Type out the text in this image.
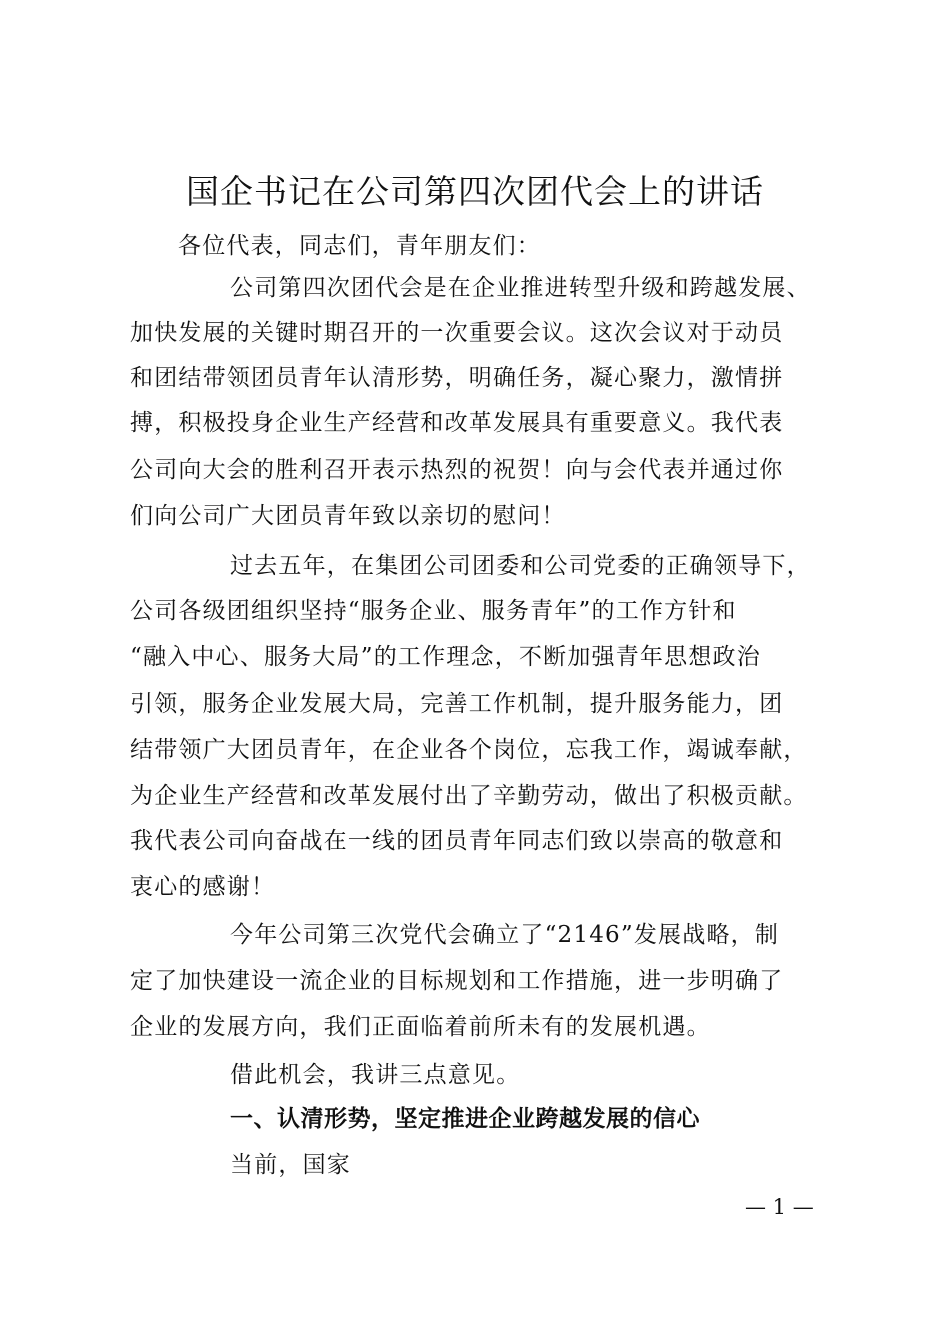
国企书记在公司第四次团代会上的讲话
各位代表，同志们，青年朋友们：
公司第四次团代会是在企业推进转型升级和跨越发展、
加快发展的关键时期召开的一次重要会议。这次会议对于动员
和团结带领团员青年认清形势，明确任务，凝心聚力，激情拼
搏，积极投身企业生产经营和改革发展具有重要意义。我代表
公司向大会的胜利召开表示热烈的祝贺！向与会代表并通过你
们向公司广大团员青年致以亲切的慰问！
过去五年，在集团公司团委和公司党委的正确领导下，
公司各级团组织坚持“服务企业、服务青年”的工作方针和
“融入中心、服务大局”的工作理念，不断加强青年思想政治
引领，服务企业发展大局，完善工作机制，提升服务能力，团
结带领广大团员青年，在企业各个岗位，忘我工作，竭诚奉献，
为企业生产经营和改革发展付出了辛勤劳动，做出了积极贡献。
我代表公司向奋战在一线的团员青年同志们致以崇高的敬意和
衷心的感谢！
今年公司第三次党代会确立了“2146”发展战略，制
定了加快建设一流企业的目标规划和工作措施，进一步明确了
企业的发展方向，我们正面临着前所未有的发展机遇。
借此机会，我讲三点意见。
一、认清形势，坚定推进企业跨越发展的信心
当前，国家
— 1 —
